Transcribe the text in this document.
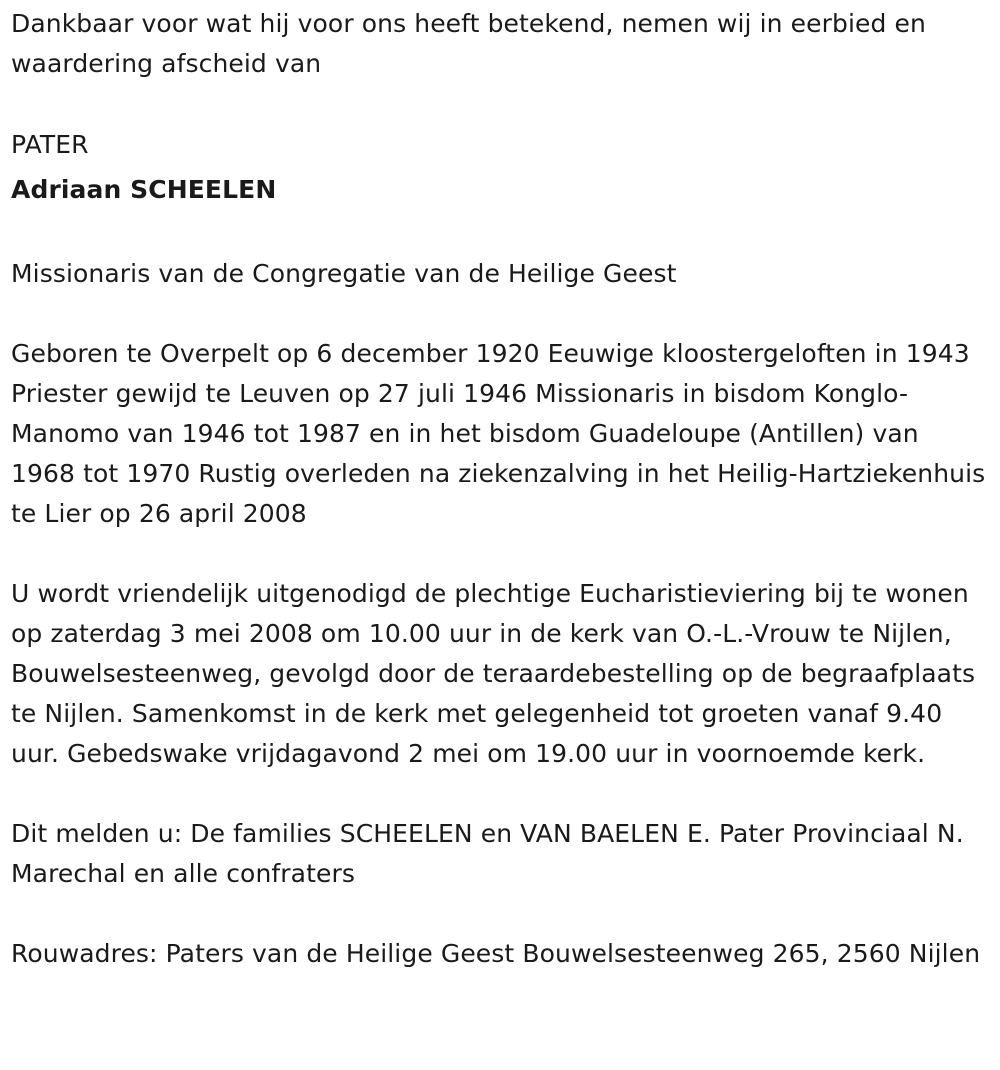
Dankbaar voor wat hij voor ons heeft betekend, nemen wij in eerbied en waardering afscheid van

PATER

Adriaan SCHEELEN

Missionaris van de Congregatie van de Heilige Geest

Geboren te Overpelt op 6 december 1920 Eeuwige kloostergeloften in 1943 Priester gewijd te Leuven op 27 juli 1946 Missionaris in bisdom Konglo-Manomo van 1946 tot 1987 en in het bisdom Guadeloupe (Antillen) van 1968 tot 1970 Rustig overleden na ziekenzalving in het Heilig-Hartziekenhuis te Lier op 26 april 2008

U wordt vriendelijk uitgenodigd de plechtige Eucharistieviering bij te wonen op zaterdag 3 mei 2008 om 10.00 uur in de kerk van O.-L.-Vrouw te Nijlen, Bouwelsesteenweg, gevolgd door de teraardebestelling op de begraafplaats te Nijlen. Samenkomst in de kerk met gelegenheid tot groeten vanaf 9.40 uur. Gebedswake vrijdagavond 2 mei om 19.00 uur in voornoemde kerk.

Dit melden u: De families SCHEELEN en VAN BAELEN E. Pater Provinciaal N. Marechal en alle confraters

Rouwadres: Paters van de Heilige Geest Bouwelsesteenweg 265, 2560 Nijlen
